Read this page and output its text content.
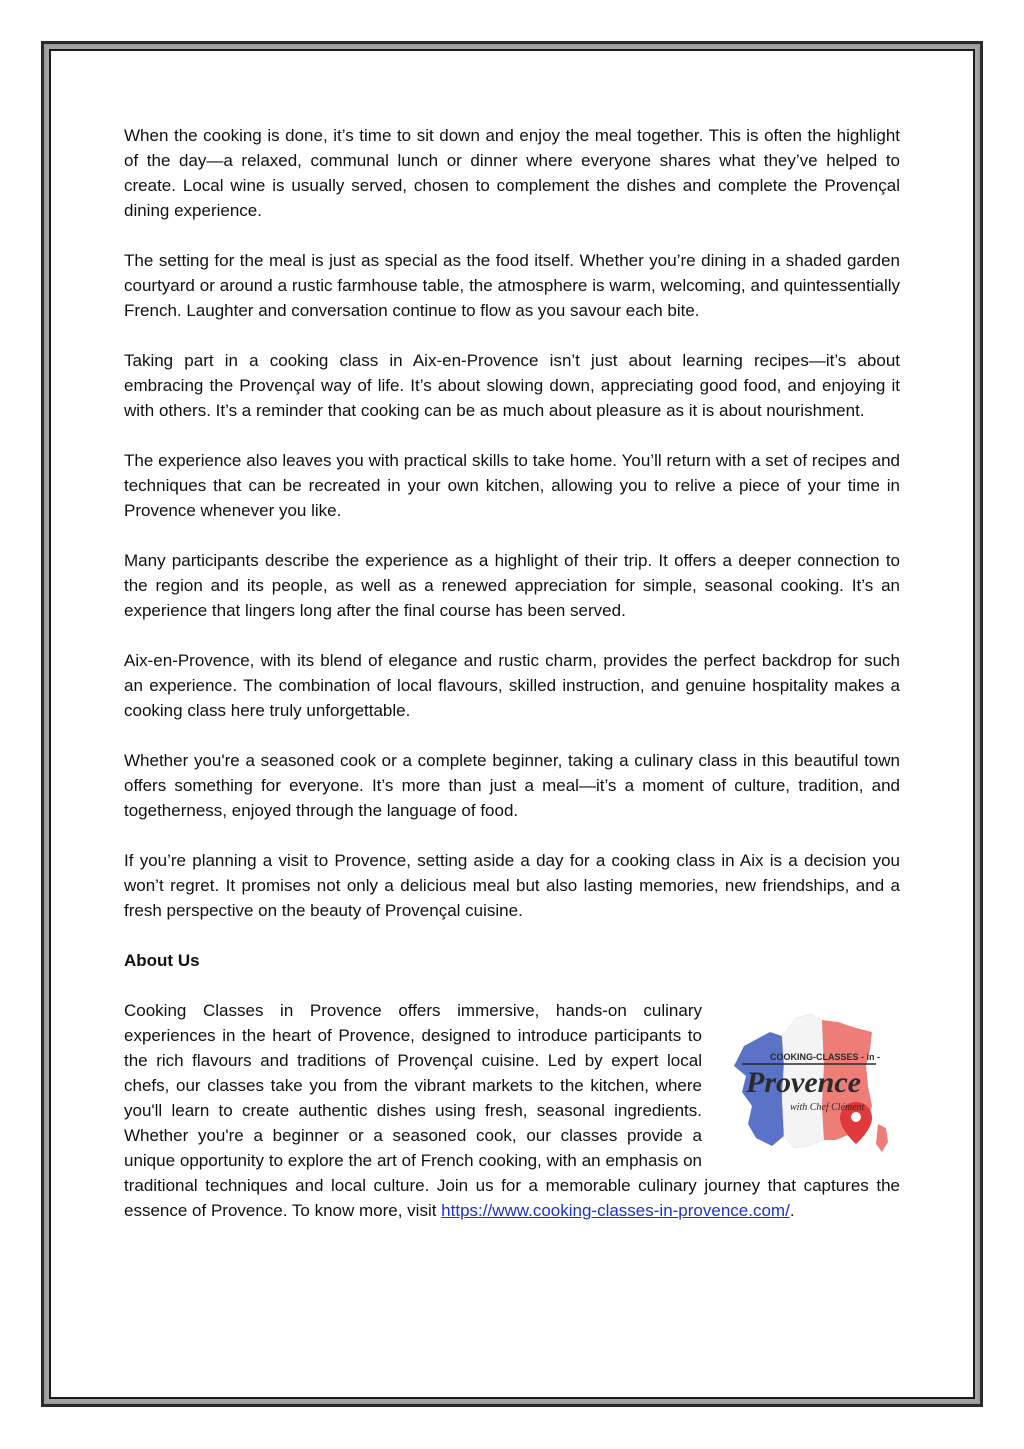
When the cooking is done, it’s time to sit down and enjoy the meal together. This is often the highlight of the day—a relaxed, communal lunch or dinner where everyone shares what they’ve helped to create. Local wine is usually served, chosen to complement the dishes and complete the Provençal dining experience.

The setting for the meal is just as special as the food itself. Whether you’re dining in a shaded garden courtyard or around a rustic farmhouse table, the atmosphere is warm, welcoming, and quintessentially French. Laughter and conversation continue to flow as you savour each bite.

Taking part in a cooking class in Aix-en-Provence isn’t just about learning recipes—it’s about embracing the Provençal way of life. It’s about slowing down, appreciating good food, and enjoying it with others. It’s a reminder that cooking can be as much about pleasure as it is about nourishment.

The experience also leaves you with practical skills to take home. You’ll return with a set of recipes and techniques that can be recreated in your own kitchen, allowing you to relive a piece of your time in Provence whenever you like.

Many participants describe the experience as a highlight of their trip. It offers a deeper connection to the region and its people, as well as a renewed appreciation for simple, seasonal cooking. It’s an experience that lingers long after the final course has been served.

Aix-en-Provence, with its blend of elegance and rustic charm, provides the perfect backdrop for such an experience. The combination of local flavours, skilled instruction, and genuine hospitality makes a cooking class here truly unforgettable.

Whether you're a seasoned cook or a complete beginner, taking a culinary class in this beautiful town offers something for everyone. It’s more than just a meal—it’s a moment of culture, tradition, and togetherness, enjoyed through the language of food.

If you’re planning a visit to Provence, setting aside a day for a cooking class in Aix is a decision you won’t regret. It promises not only a delicious meal but also lasting memories, new friendships, and a fresh perspective on the beauty of Provençal cuisine.

About Us
COOKING-CLASSES - in -
Provence
with Chef Clément

Cooking Classes in Provence offers immersive, hands-on culinary experiences in the heart of Provence, designed to introduce participants to the rich flavours and traditions of Provençal cuisine. Led by expert local chefs, our classes take you from the vibrant markets to the kitchen, where you'll learn to create authentic dishes using fresh, seasonal ingredients. Whether you're a beginner or a seasoned cook, our classes provide a unique opportunity to explore the art of French cooking, with an emphasis on traditional techniques and local culture. Join us for a memorable culinary journey that captures the essence of Provence. To know more, visit https://www.cooking-classes-in-provence.com/.
